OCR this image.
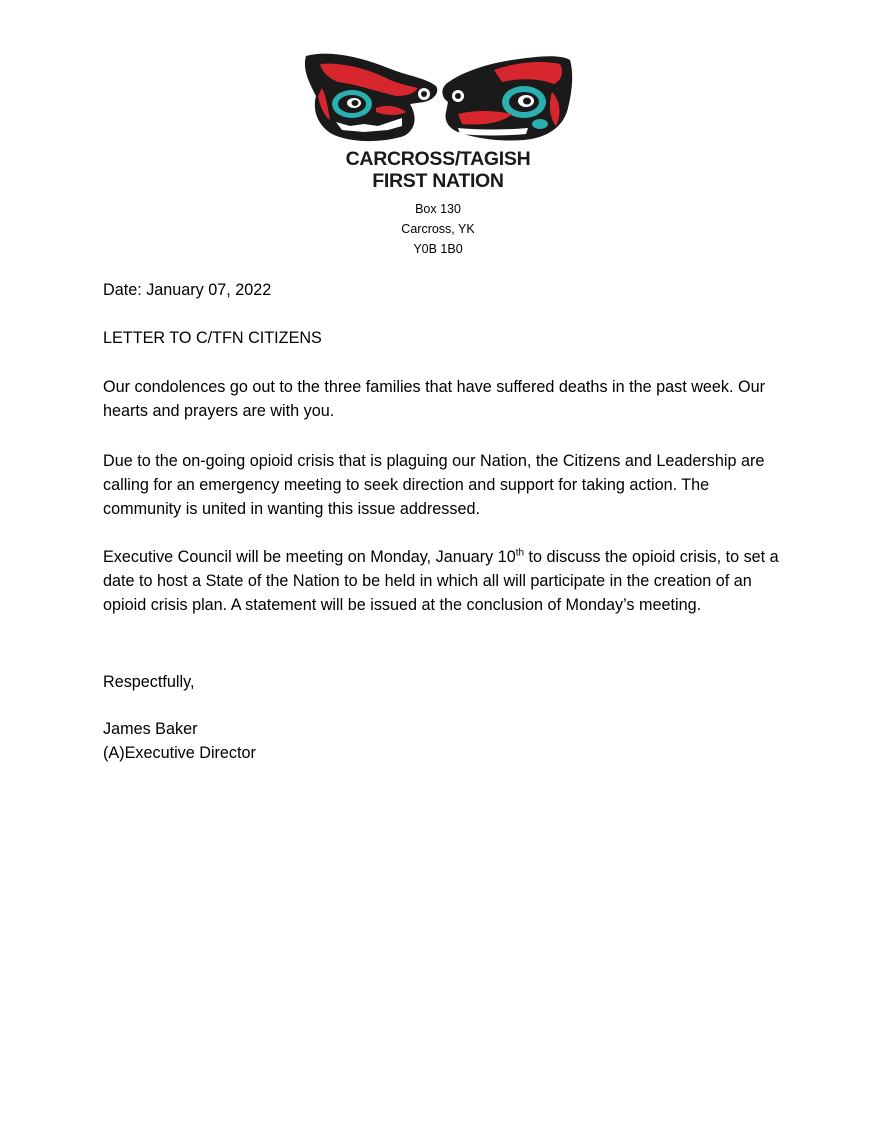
CARCROSS/TAGISH
FIRST NATION
Box 130
Carcross, YK
Y0B 1B0
Date: January 07, 2022
LETTER TO C/TFN CITIZENS
Our condolences go out to the three families that have suffered deaths in the past week. Our hearts and prayers are with you.
Due to the on-going opioid crisis that is plaguing our Nation, the Citizens and Leadership are calling for an emergency meeting to seek direction and support for taking action. The community is united in wanting this issue addressed.
Executive Council will be meeting on Monday, January 10th to discuss the opioid crisis, to set a date to host a State of the Nation to be held in which all will participate in the creation of an opioid crisis plan. A statement will be issued at the conclusion of Monday’s meeting.
Respectfully,
James Baker
(A)Executive Director
